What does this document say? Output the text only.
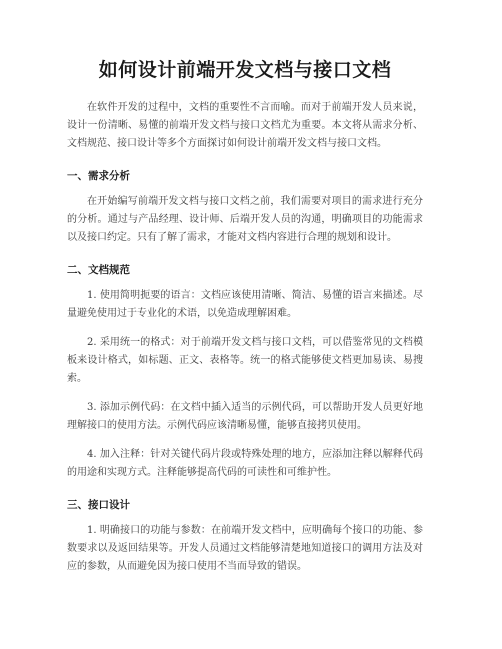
如何设计前端开发文档与接口文档

在软件开发的过程中，文档的重要性不言而喻。而对于前端开发人员来说，设计一份清晰、易懂的前端开发文档与接口文档尤为重要。本文将从需求分析、文档规范、接口设计等多个方面探讨如何设计前端开发文档与接口文档。

一、需求分析

在开始编写前端开发文档与接口文档之前，我们需要对项目的需求进行充分的分析。通过与产品经理、设计师、后端开发人员的沟通，明确项目的功能需求以及接口约定。只有了解了需求，才能对文档内容进行合理的规划和设计。

二、文档规范

1. 使用简明扼要的语言：文档应该使用清晰、简洁、易懂的语言来描述。尽量避免使用过于专业化的术语，以免造成理解困难。

2. 采用统一的格式：对于前端开发文档与接口文档，可以借鉴常见的文档模板来设计格式，如标题、正文、表格等。统一的格式能够使文档更加易读、易搜索。

3. 添加示例代码：在文档中插入适当的示例代码，可以帮助开发人员更好地理解接口的使用方法。示例代码应该清晰易懂，能够直接拷贝使用。

4. 加入注释：针对关键代码片段或特殊处理的地方，应添加注释以解释代码的用途和实现方式。注释能够提高代码的可读性和可维护性。

三、接口设计

1. 明确接口的功能与参数：在前端开发文档中，应明确每个接口的功能、参数要求以及返回结果等。开发人员通过文档能够清楚地知道接口的调用方法及对应的参数，从而避免因为接口使用不当而导致的错误。
